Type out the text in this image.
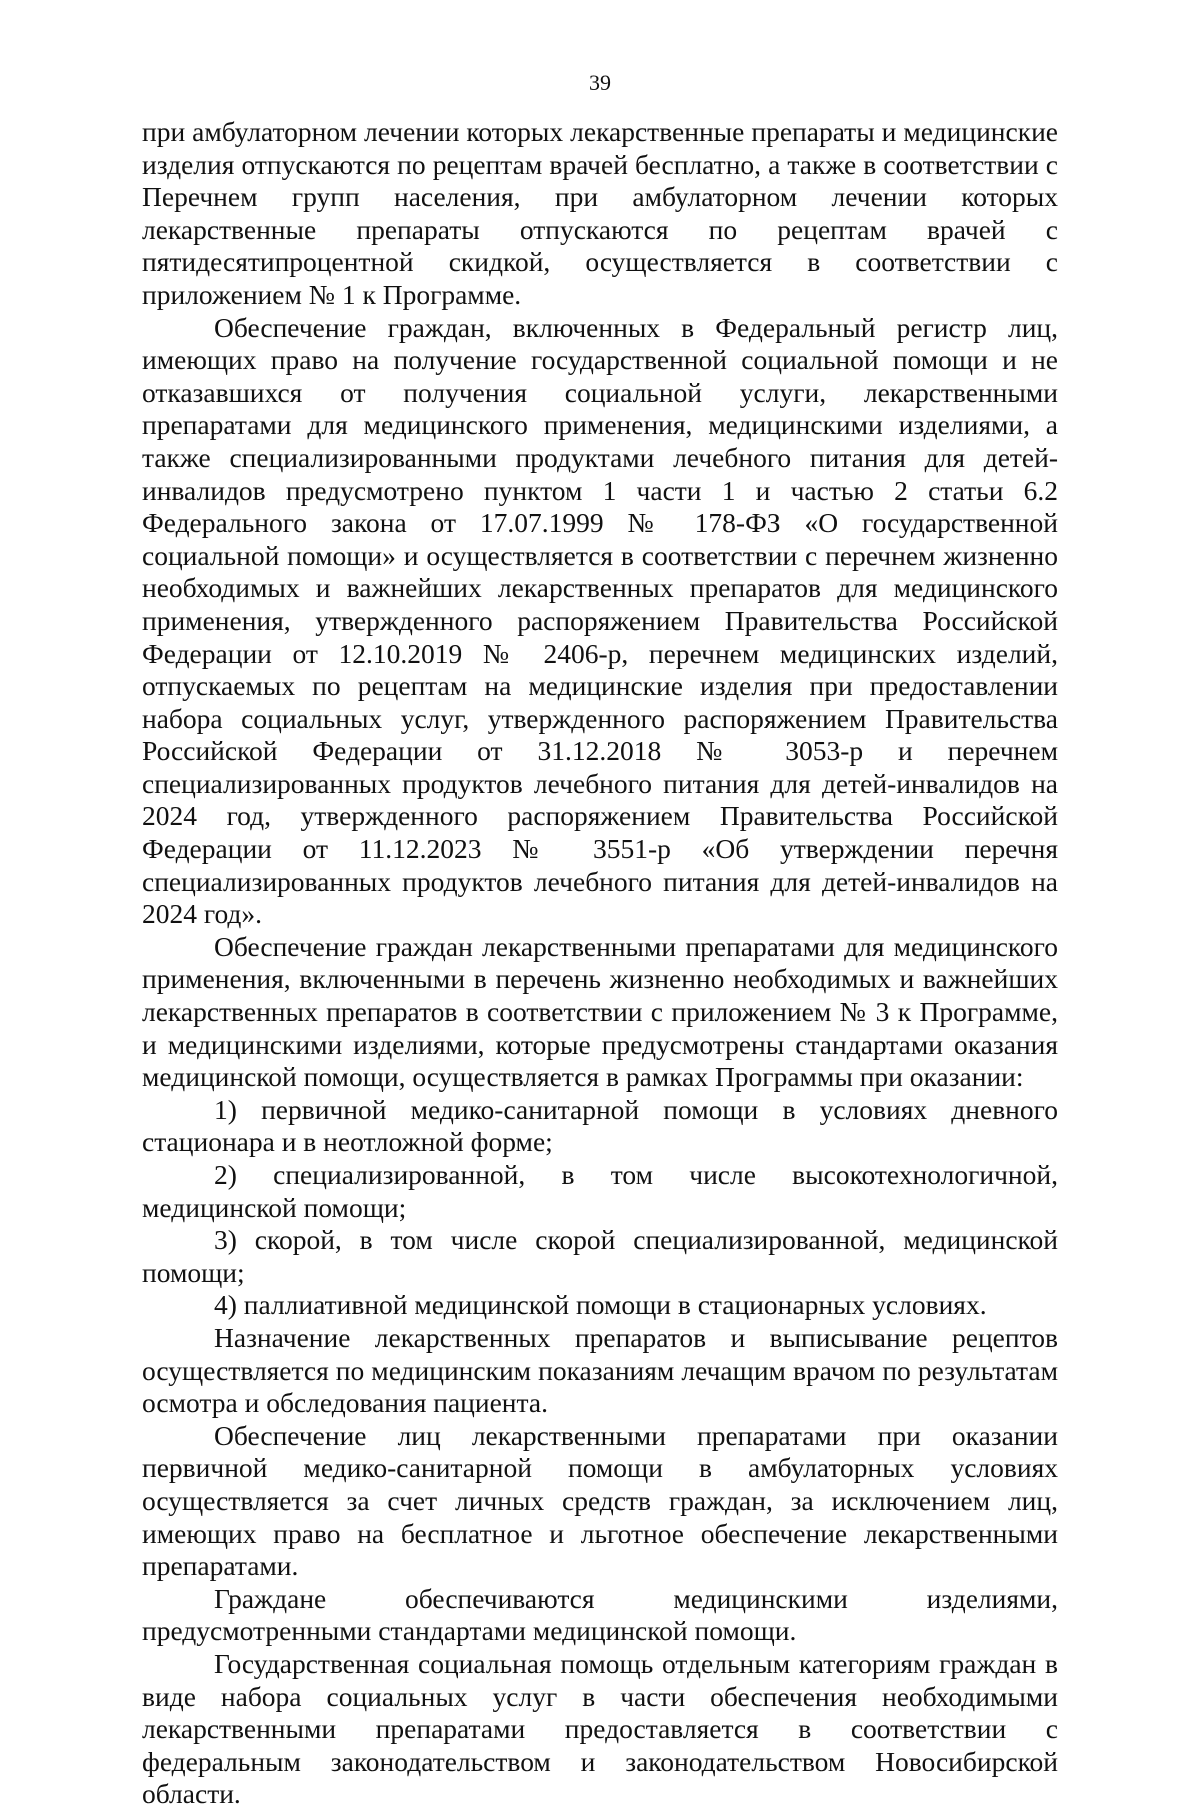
39

при амбулаторном лечении которых лекарственные препараты и медицинские изделия отпускаются по рецептам врачей бесплатно, а также в соответствии с Перечнем групп населения, при амбулаторном лечении которых лекарственные препараты отпускаются по рецептам врачей с пятидесятипроцентной скидкой, осуществляется в соответствии с приложением № 1 к Программе.

Обеспечение граждан, включенных в Федеральный регистр лиц, имеющих право на получение государственной социальной помощи и не отказавшихся от получения социальной услуги, лекарственными препаратами для медицинского применения, медицинскими изделиями, а также специализированными продуктами лечебного питания для детей-инвалидов предусмотрено пунктом 1 части 1 и частью 2 статьи 6.2 Федерального закона от 17.07.1999 № 178-ФЗ «О государственной социальной помощи» и осуществляется в соответствии с перечнем жизненно необходимых и важнейших лекарственных препаратов для медицинского применения, утвержденного распоряжением Правительства Российской Федерации от 12.10.2019 № 2406-р, перечнем медицинских изделий, отпускаемых по рецептам на медицинские изделия при предоставлении набора социальных услуг, утвержденного распоряжением Правительства Российской Федерации от 31.12.2018 № 3053-р и перечнем специализированных продуктов лечебного питания для детей-инвалидов на 2024 год, утвержденного распоряжением Правительства Российской Федерации от 11.12.2023 № 3551-р «Об утверждении перечня специализированных продуктов лечебного питания для детей-инвалидов на 2024 год».

Обеспечение граждан лекарственными препаратами для медицинского применения, включенными в перечень жизненно необходимых и важнейших лекарственных препаратов в соответствии с приложением № 3 к Программе, и медицинскими изделиями, которые предусмотрены стандартами оказания медицинской помощи, осуществляется в рамках Программы при оказании:

1) первичной медико-санитарной помощи в условиях дневного стационара и в неотложной форме;

2) специализированной, в том числе высокотехнологичной, медицинской помощи;

3) скорой, в том числе скорой специализированной, медицинской помощи;

4) паллиативной медицинской помощи в стационарных условиях.

Назначение лекарственных препаратов и выписывание рецептов осуществляется по медицинским показаниям лечащим врачом по результатам осмотра и обследования пациента.

Обеспечение лиц лекарственными препаратами при оказании первичной медико-санитарной помощи в амбулаторных условиях осуществляется за счет личных средств граждан, за исключением лиц, имеющих право на бесплатное и льготное обеспечение лекарственными препаратами.

Граждане обеспечиваются медицинскими изделиями, предусмотренными стандартами медицинской помощи.

Государственная социальная помощь отдельным категориям граждан в виде набора социальных услуг в части обеспечения необходимыми лекарственными препаратами предоставляется в соответствии с федеральным законодательством и законодательством Новосибирской области.
